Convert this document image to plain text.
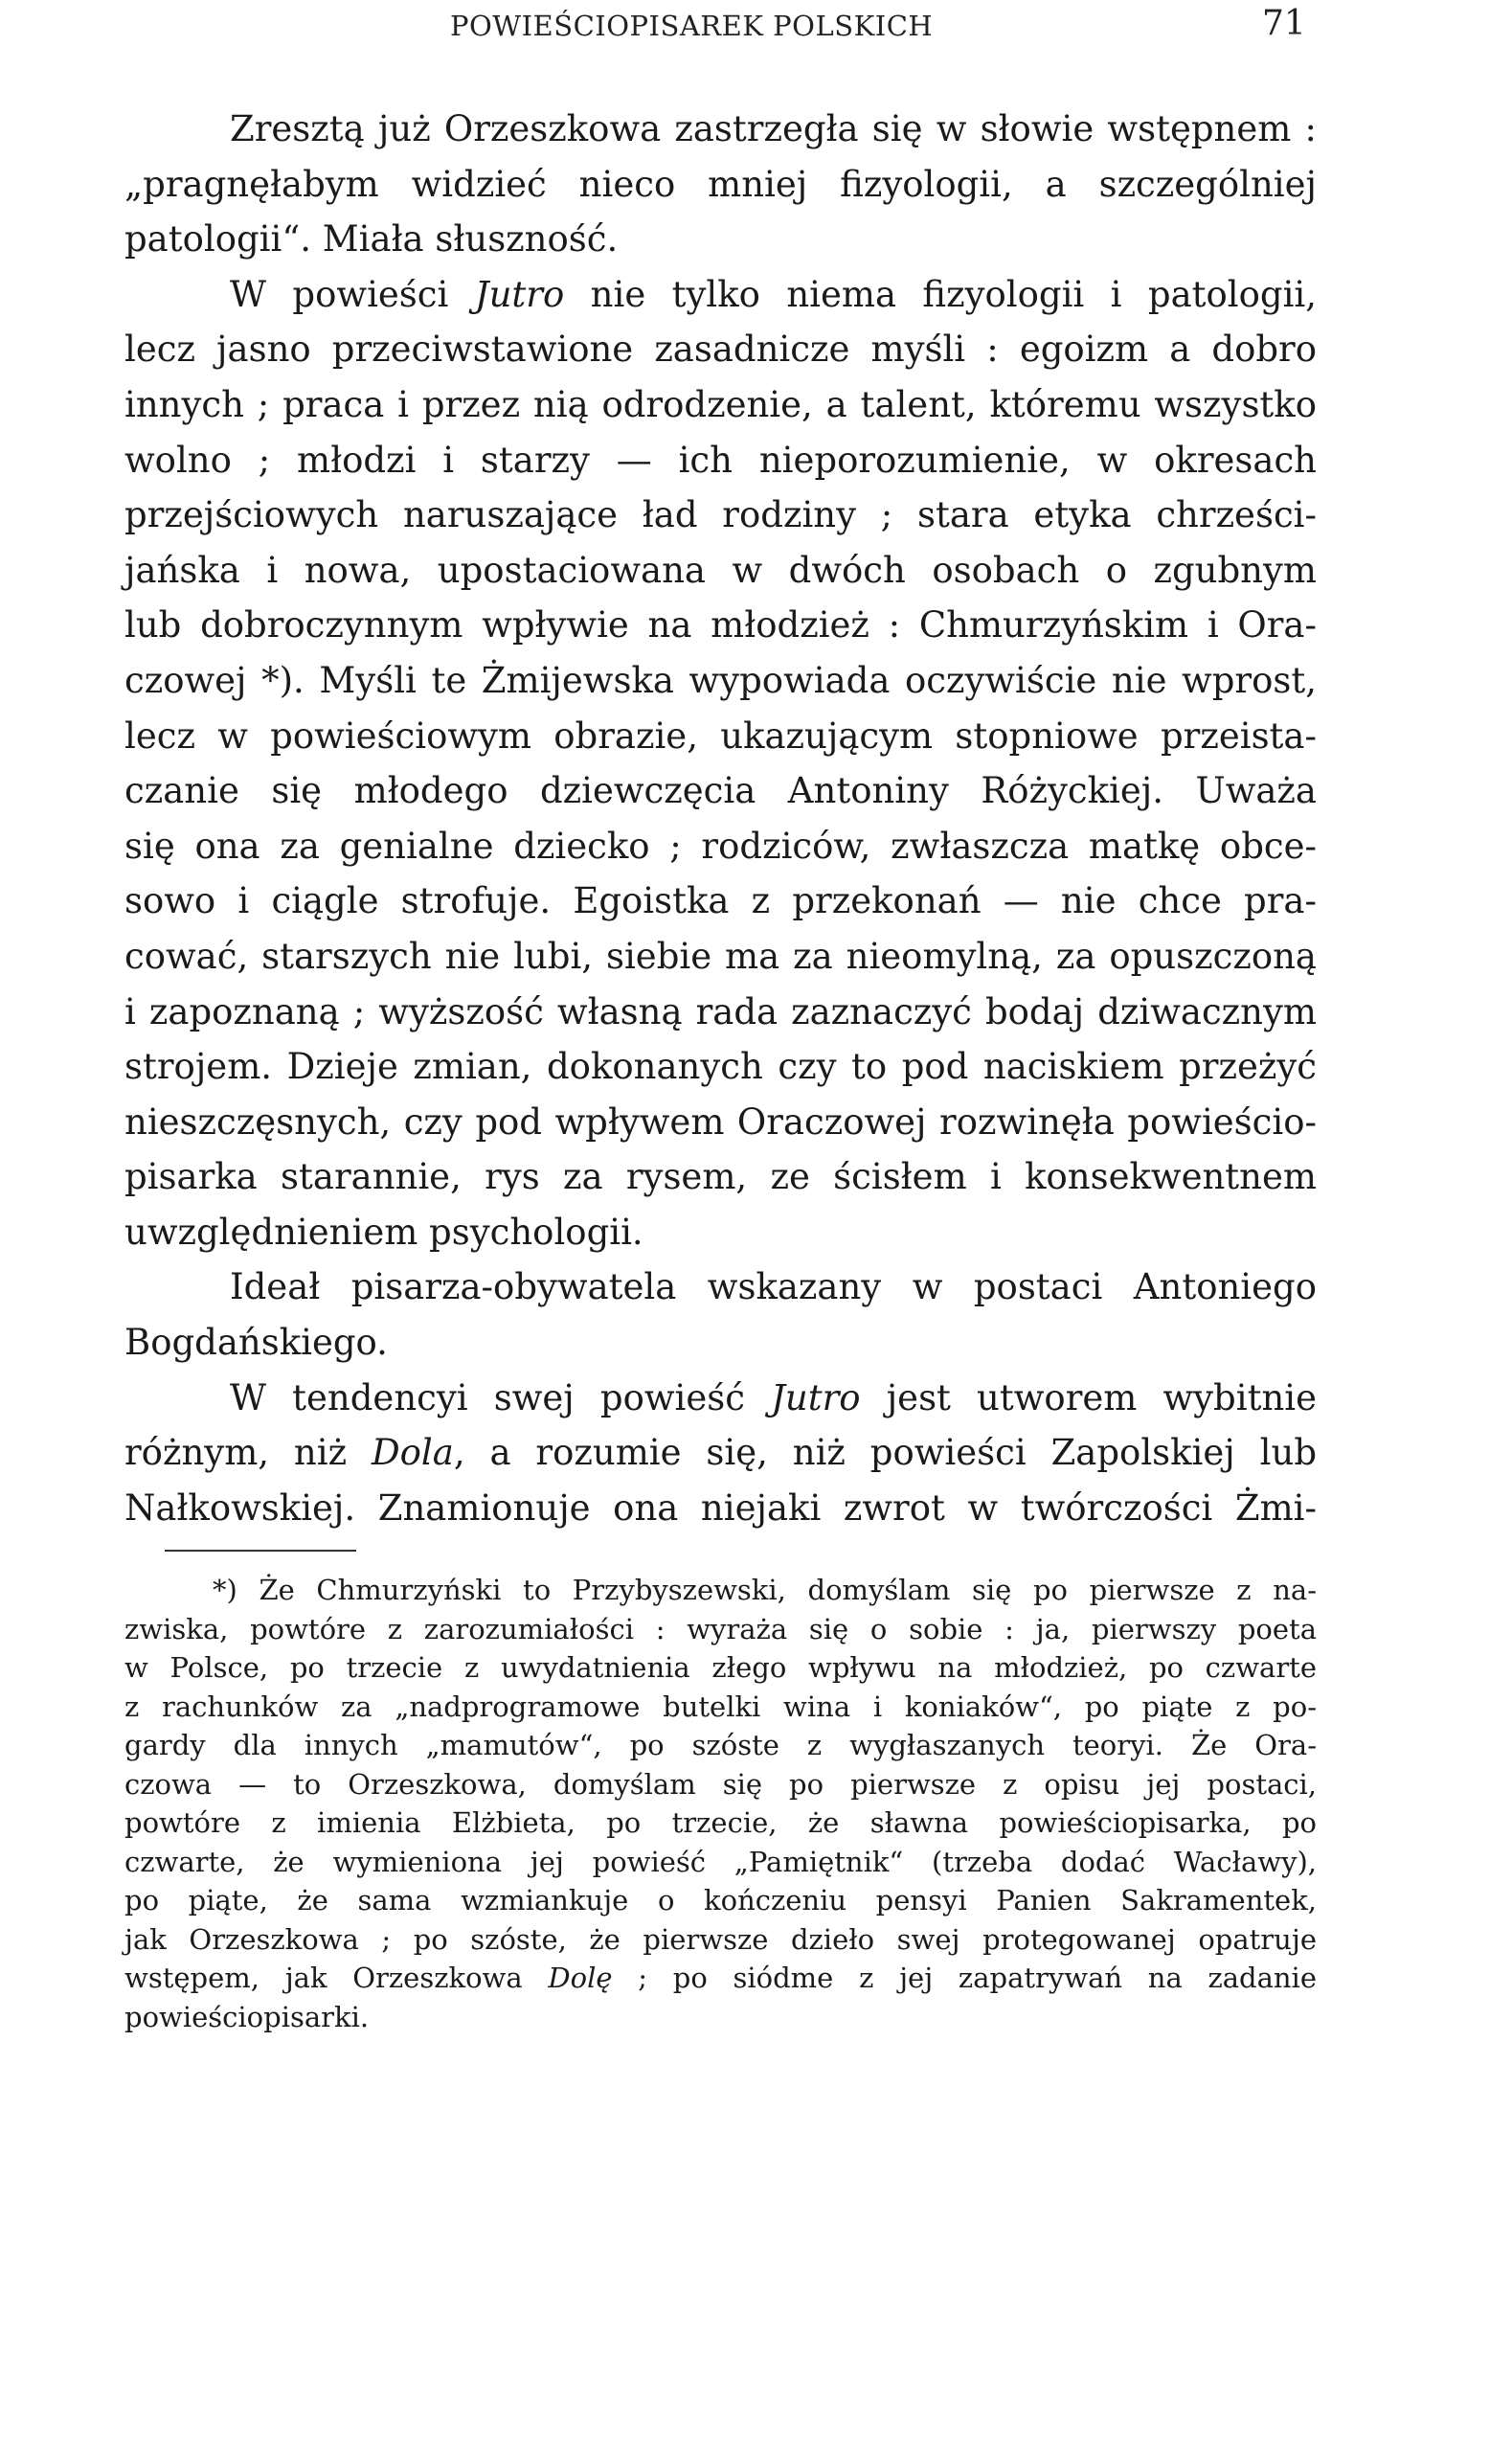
POWIEŚCIOPISAREK POLSKICH	71
Zresztą już Orzeszkowa zastrzegła się w słowie wstępnem :
„pragnęłabym widzieć nieco mniej fizyologii, a szczególniej
patologii“. Miała słuszność.
W powieści Jutro nie tylko niema fizyologii i patologii,
lecz jasno przeciwstawione zasadnicze myśli : egoizm a dobro
innych ; praca i przez nią odrodzenie, a talent, któremu wszystko
wolno ; młodzi i starzy — ich nieporozumienie, w okresach
przejściowych naruszające ład rodziny ; stara etyka chrześci-
jańska i nowa, upostaciowana w dwóch osobach o zgubnym
lub dobroczynnym wpływie na młodzież : Chmurzyńskim i Ora-
czowej *). Myśli te Żmijewska wypowiada oczywiście nie wprost,
lecz w powieściowym obrazie, ukazującym stopniowe przeista-
czanie się młodego dziewczęcia Antoniny Różyckiej. Uważa
się ona za genialne dziecko ; rodziców, zwłaszcza matkę obce-
sowo i ciągle strofuje. Egoistka z przekonań — nie chce pra-
cować, starszych nie lubi, siebie ma za nieomylną, za opuszczoną
i zapoznaną ; wyższość własną rada zaznaczyć bodaj dziwacznym
strojem. Dzieje zmian, dokonanych czy to pod naciskiem przeżyć
nieszczęsnych, czy pod wpływem Oraczowej rozwinęła powieścio-
pisarka starannie, rys za rysem, ze ścisłem i konsekwentnem
uwzględnieniem psychologii.
Ideał pisarza-obywatela wskazany w postaci Antoniego
Bogdańskiego.
W tendencyi swej powieść Jutro jest utworem wybitnie
różnym, niż Dola, a rozumie się, niż powieści Zapolskiej lub
Nałkowskiej. Znamionuje ona niejaki zwrot w twórczości Żmi-
*) Że Chmurzyński to Przybyszewski, domyślam się po pierwsze z na-
zwiska, powtóre z zarozumiałości : wyraża się o sobie : ja, pierwszy poeta
w Polsce, po trzecie z uwydatnienia złego wpływu na młodzież, po czwarte
z rachunków za „nadprogramowe butelki wina i koniaków“, po piąte z po-
gardy dla innych „mamutów“, po szóste z wygłaszanych teoryi. Że Ora-
czowa — to Orzeszkowa, domyślam się po pierwsze z opisu jej postaci,
powtóre z imienia Elżbieta, po trzecie, że sławna powieściopisarka, po
czwarte, że wymieniona jej powieść „Pamiętnik“ (trzeba dodać Wacławy),
po piąte, że sama wzmiankuje o kończeniu pensyi Panien Sakramentek,
jak Orzeszkowa ; po szóste, że pierwsze dzieło swej protegowanej opatruje
wstępem, jak Orzeszkowa Dolę ; po siódme z jej zapatrywań na zadanie
powieściopisarki.
